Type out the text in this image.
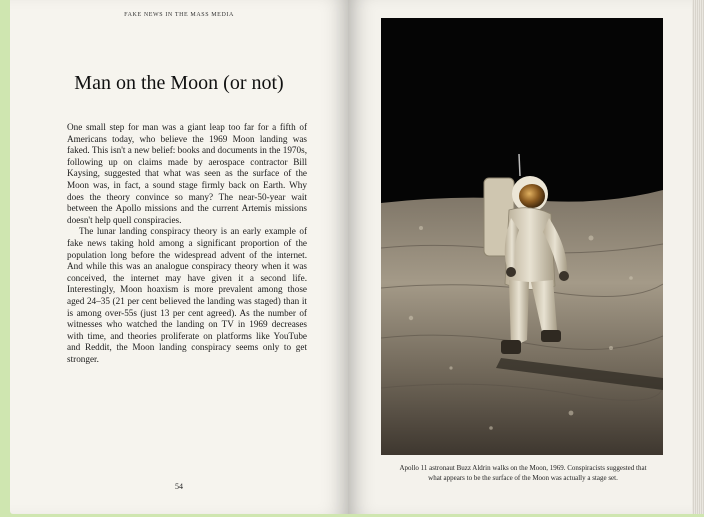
FAKE NEWS IN THE MASS MEDIA
Man on the Moon (or not)

One small step for man was a giant leap too far for a fifth of Americans today, who believe the 1969 Moon landing was faked. This isn't a new belief: books and documents in the 1970s, following up on claims made by aerospace contractor Bill Kaysing, suggested that what was seen as the surface of the Moon was, in fact, a sound stage firmly back on Earth. Why does the theory convince so many? The near-50-year wait between the Apollo missions and the current Artemis missions doesn't help quell conspiracies.

The lunar landing conspiracy theory is an early example of fake news taking hold among a significant proportion of the population long before the widespread advent of the internet. And while this was an analogue conspiracy theory when it was conceived, the internet may have given it a second life. Interestingly, Moon hoaxism is more prevalent among those aged 24–35 (21 per cent believed the landing was staged) than it is among over-55s (just 13 per cent agreed). As the number of witnesses who watched the landing on TV in 1969 decreases with time, and theories proliferate on platforms like YouTube and Reddit, the Moon landing conspiracy seems only to get stronger.

54
Apollo 11 astronaut Buzz Aldrin walks on the Moon, 1969. Conspiracists suggested that what appears to be the surface of the Moon was actually a stage set.
